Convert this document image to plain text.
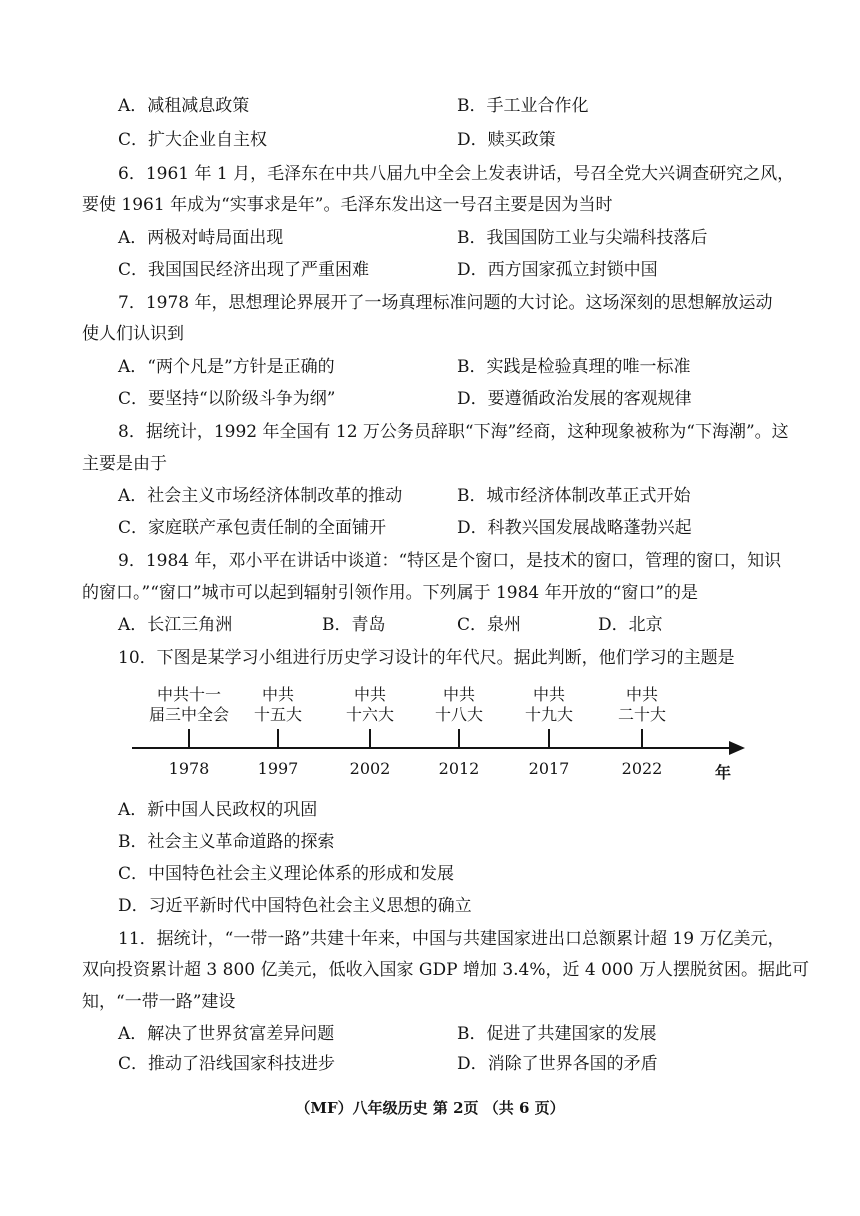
A．减租减息政策	B．手工业合作化
C．扩大企业自主权	D．赎买政策
6．1961 年 1 月，毛泽东在中共八届九中全会上发表讲话，号召全党大兴调查研究之风，
要使 1961 年成为“实事求是年”。毛泽东发出这一号召主要是因为当时
A．两极对峙局面出现	B．我国国防工业与尖端科技落后
C．我国国民经济出现了严重困难	D．西方国家孤立封锁中国
7．1978 年，思想理论界展开了一场真理标准问题的大讨论。这场深刻的思想解放运动
使人们认识到
A．“两个凡是”方针是正确的	B．实践是检验真理的唯一标准
C．要坚持“以阶级斗争为纲”	D．要遵循政治发展的客观规律
8．据统计，1992 年全国有 12 万公务员辞职“下海”经商，这种现象被称为“下海潮”。这
主要是由于
A．社会主义市场经济体制改革的推动	B．城市经济体制改革正式开始
C．家庭联产承包责任制的全面铺开	D．科教兴国发展战略蓬勃兴起
9．1984 年，邓小平在讲话中谈道：“特区是个窗口，是技术的窗口，管理的窗口，知识
的窗口。”“窗口”城市可以起到辐射引领作用。下列属于 1984 年开放的“窗口”的是
A．长江三角洲	B．青岛	C．泉州	D．北京
10．下图是某学习小组进行历史学习设计的年代尺。据此判断，他们学习的主题是
中共十一
届三中全会
中共
十五大
中共
十六大
中共
十八大
中共
十九大
中共
二十大
1978	1997	2002	2012	2017	2022	年
A．新中国人民政权的巩固
B．社会主义革命道路的探索
C．中国特色社会主义理论体系的形成和发展
D．习近平新时代中国特色社会主义思想的确立
11．据统计，“一带一路”共建十年来，中国与共建国家进出口总额累计超 19 万亿美元，
双向投资累计超 3 800 亿美元，低收入国家 GDP 增加 3.4%，近 4 000 万人摆脱贫困。据此可
知，“一带一路”建设
A．解决了世界贫富差异问题	B．促进了共建国家的发展
C．推动了沿线国家科技进步	D．消除了世界各国的矛盾
（MF）八年级历史 第 2页 （共 6 页）
